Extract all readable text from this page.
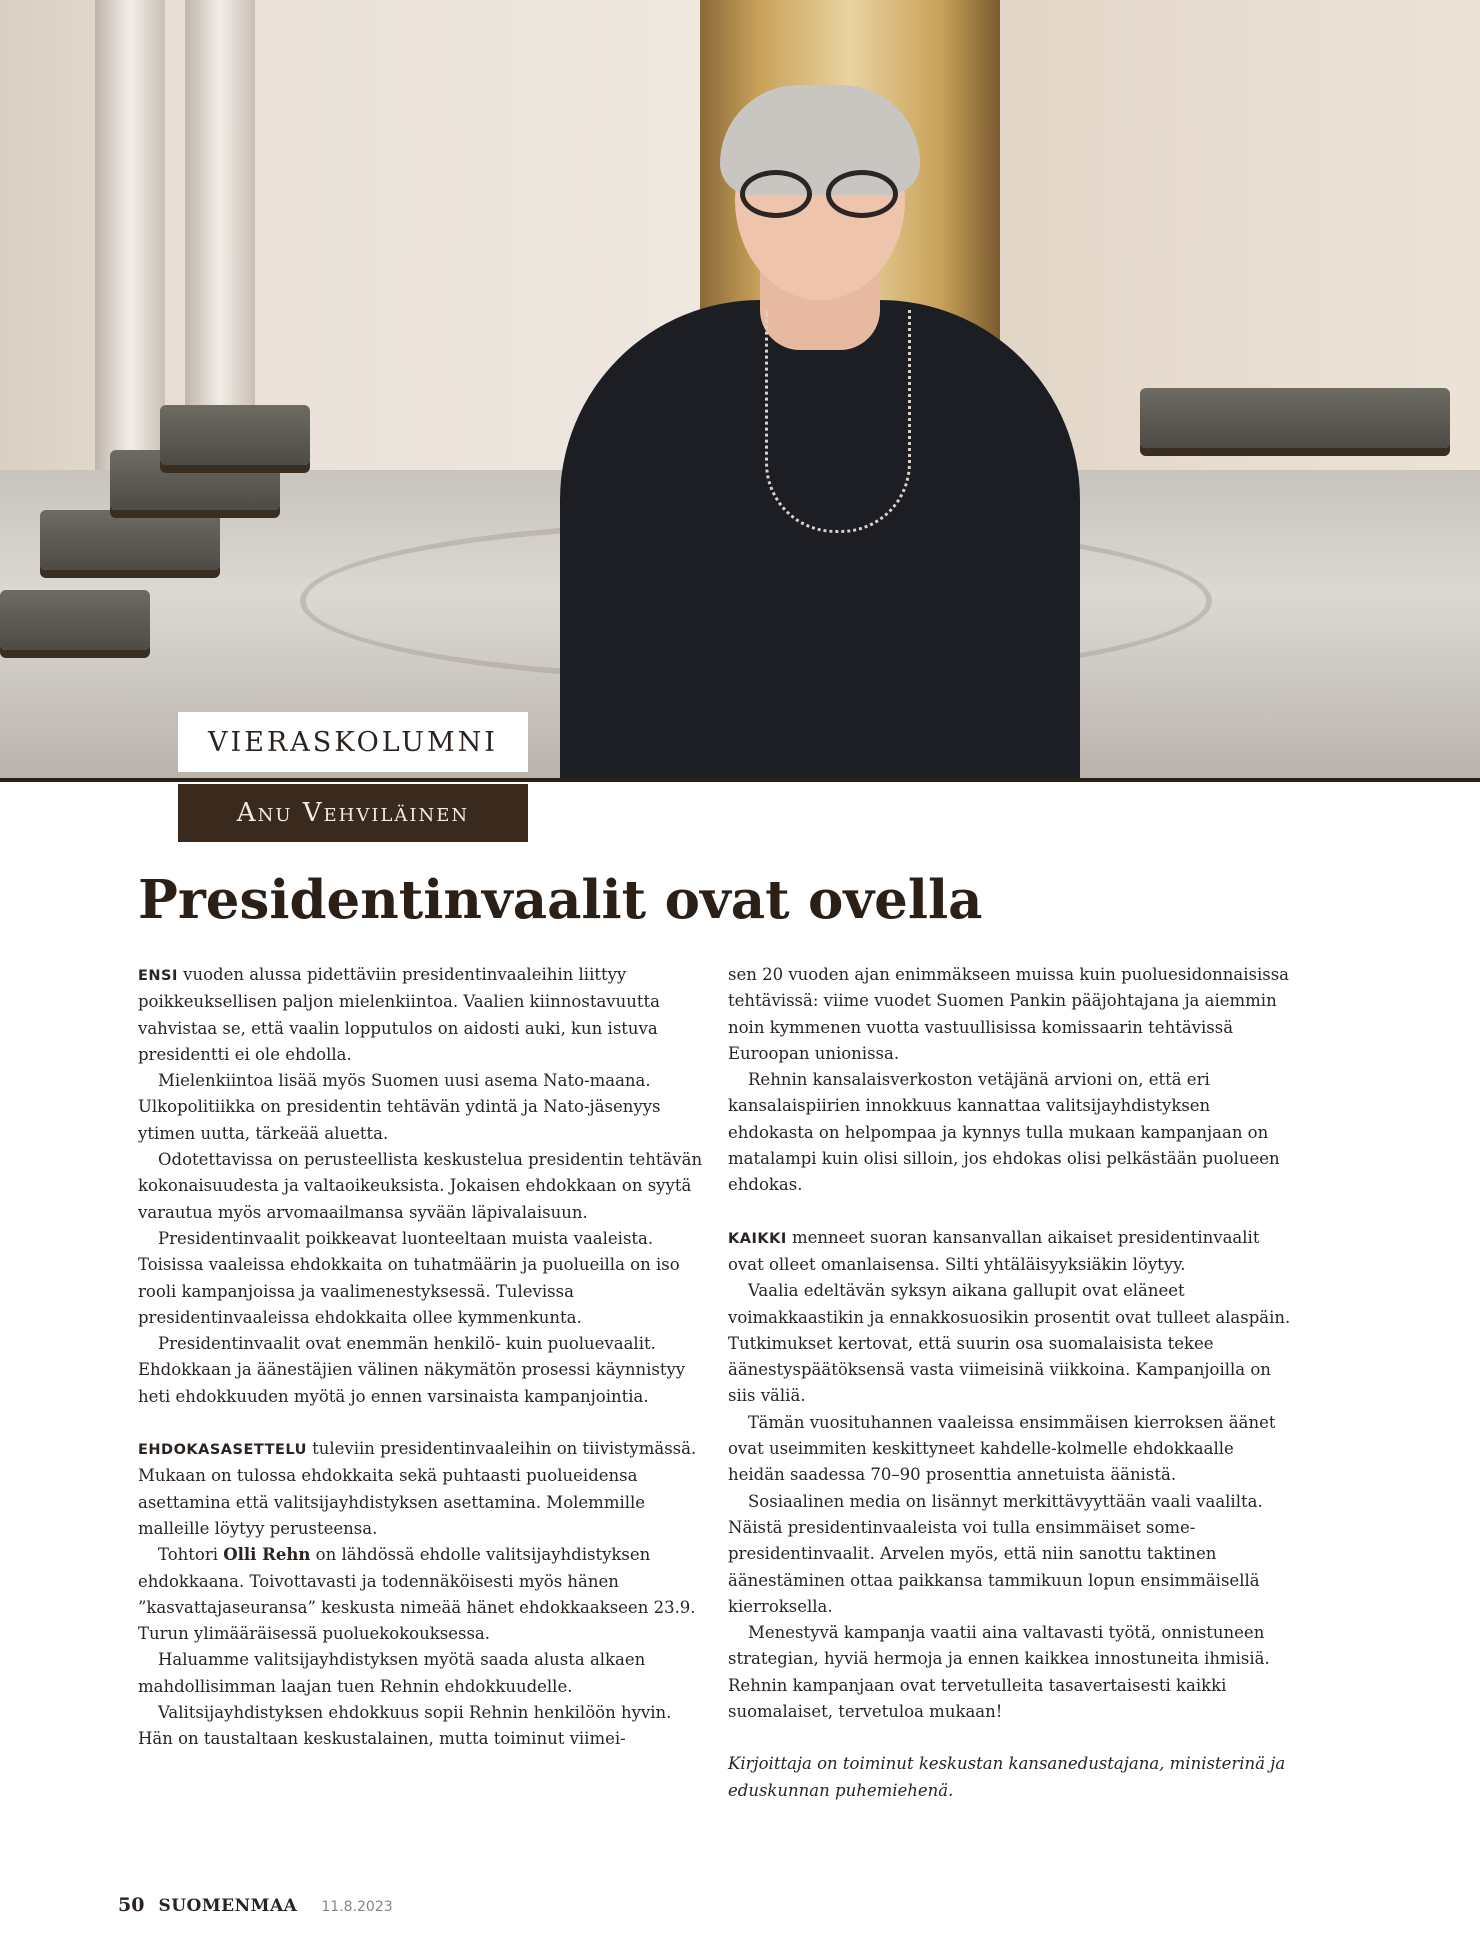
VIERASKOLUMNI
Anu Vehviläinen
Presidentinvaalit ovat ovella

ENSI vuoden alussa pidettäviin presidentinvaaleihin liittyy poikkeuksellisen paljon mielenkiintoa. Vaalien kiinnostavuutta vahvistaa se, että vaalin lopputulos on aidosti auki, kun istuva presidentti ei ole ehdolla.

Mielenkiintoa lisää myös Suomen uusi asema Nato-maana. Ulkopolitiikka on presidentin tehtävän ydintä ja Nato-jäsenyys ytimen uutta, tärkeää aluetta.

Odotettavissa on perusteellista keskustelua presidentin tehtävän kokonaisuudesta ja valtaoikeuksista. Jokaisen ehdokkaan on syytä varautua myös arvomaailmansa syvään läpivalaisuun.

Presidentinvaalit poikkeavat luonteeltaan muista vaaleista. Toisissa vaaleissa ehdokkaita on tuhatmäärin ja puolueilla on iso rooli kampanjoissa ja vaalimenestyksessä. Tulevissa presidentinvaaleissa ehdokkaita ollee kymmenkunta.

Presidentinvaalit ovat enemmän henkilö- kuin puoluevaalit. Ehdokkaan ja äänestäjien välinen näkymätön prosessi käynnistyy heti ehdokkuuden myötä jo ennen varsinaista kampanjointia.

EHDOKASASETTELU tuleviin presidentinvaaleihin on tiivistymässä. Mukaan on tulossa ehdokkaita sekä puhtaasti puolueidensa asettamina että valitsijayhdistyksen asettamina. Molemmille malleille löytyy perusteensa.

Tohtori Olli Rehn on lähdössä ehdolle valitsijayhdistyksen ehdokkaana. Toivottavasti ja todennäköisesti myös hänen ”kasvattajaseuransa” keskusta nimeää hänet ehdokkaakseen 23.9. Turun ylimääräisessä puoluekokouksessa.

Haluamme valitsijayhdistyksen myötä saada alusta alkaen mahdollisimman laajan tuen Rehnin ehdokkuudelle.

Valitsijayhdistyksen ehdokkuus sopii Rehnin henkilöön hyvin. Hän on taustaltaan keskustalainen, mutta toiminut viimei-

sen 20 vuoden ajan enimmäkseen muissa kuin puoluesidonnaisissa tehtävissä: viime vuodet Suomen Pankin pääjohtajana ja aiemmin noin kymmenen vuotta vastuullisissa komissaarin tehtävissä Euroopan unionissa.

Rehnin kansalaisverkoston vetäjänä arvioni on, että eri kansalaispiirien innokkuus kannattaa valitsijayhdistyksen ehdokasta on helpompaa ja kynnys tulla mukaan kampanjaan on matalampi kuin olisi silloin, jos ehdokas olisi pelkästään puolueen ehdokas.

KAIKKI menneet suoran kansanvallan aikaiset presidentinvaalit ovat olleet omanlaisensa. Silti yhtäläisyyksiäkin löytyy.

Vaalia edeltävän syksyn aikana gallupit ovat eläneet voimakkaastikin ja ennakkosuosikin prosentit ovat tulleet alaspäin. Tutkimukset kertovat, että suurin osa suomalaisista tekee äänestyspäätöksensä vasta viimeisinä viikkoina. Kampanjoilla on siis väliä.

Tämän vuosituhannen vaaleissa ensimmäisen kierroksen äänet ovat useimmiten keskittyneet kahdelle-kolmelle ehdokkaalle heidän saadessa 70–90 prosenttia annetuista äänistä.

Sosiaalinen media on lisännyt merkittävyyttään vaali vaalilta. Näistä presidentinvaaleista voi tulla ensimmäiset some-presidentinvaalit. Arvelen myös, että niin sanottu taktinen äänestäminen ottaa paikkansa tammikuun lopun ensimmäisellä kierroksella.

Menestyvä kampanja vaatii aina valtavasti työtä, onnistuneen strategian, hyviä hermoja ja ennen kaikkea innostuneita ihmisiä. Rehnin kampanjaan ovat tervetulleita tasavertaisesti kaikki suomalaiset, tervetuloa mukaan!

Kirjoittaja on toiminut keskustan kansanedustajana, ministerinä ja eduskunnan puhemiehenä.

50 SUOMENMAA 11.8.2023
